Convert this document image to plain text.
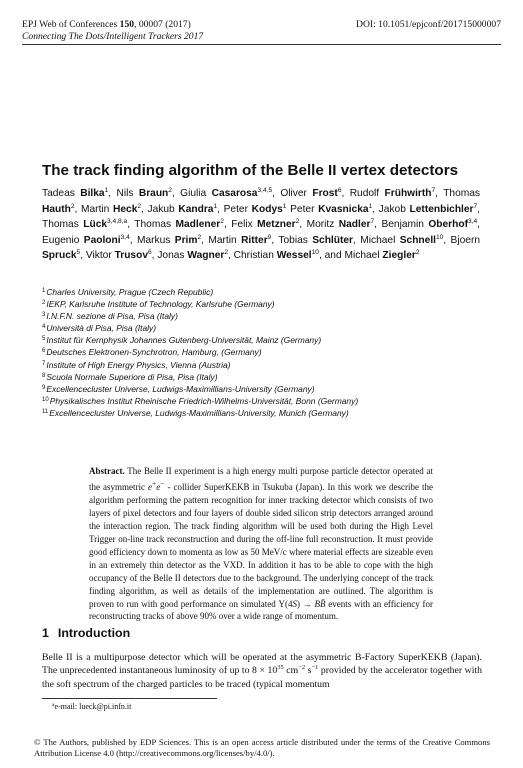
EPJ Web of Conferences 150, 00007 (2017)
Connecting The Dots/Intelligent Trackers 2017
DOI: 10.1051/epjconf/201715000007
The track finding algorithm of the Belle II vertex detectors
Tadeas Bilka$^1$, Nils Braun$^2$, Giulia Casarosa$^{3,4,5}$, Oliver Frost$^6$, Rudolf Frühwirth$^7$, Thomas Hauth$^2$, Martin Heck$^2$, Jakub Kandra$^1$, Peter Kodys$^1$ Peter Kvasnicka$^1$, Jakob Lettenbichler$^7$, Thomas Lück$^{3,4,8,a}$, Thomas Madlener$^2$, Felix Metzner$^2$, Moritz Nadler$^7$, Benjamin Oberhof$^{3,4}$, Eugenio Paoloni$^{3,4}$, Markus Prim$^2$, Martin Ritter$^9$, Tobias Schlüter, Michael Schnell$^{10}$, Bjoern Spruck$^5$, Viktor Trusov$^6$, Jonas Wagner$^2$, Christian Wessel$^{10}$, and Michael Ziegler$^2$
$^1$Charles University, Prague (Czech Republic)
$^2$IEKP, Karlsruhe Institute of Technology, Karlsruhe (Germany)
$^3$I.N.F.N. sezione di Pisa, Pisa (Italy)
$^4$Università di Pisa, Pisa (Italy)
$^5$Institut für Kernphysik Johannes Gutenberg-Universität, Mainz (Germany)
$^6$Deutsches Elektronen-Synchrotron, Hamburg, (Germany)
$^7$Institute of High Energy Physics, Vienna (Austria)
$^8$Scuola Normale Superiore di Pisa, Pisa (Italy)
$^9$Excellencecluster Universe, Ludwigs-Maximillians-University (Germany)
$^{10}$Physikalisches Institut Rheinische Friedrich-Wilhelms-Universität, Bonn (Germany)
$^{11}$Excellencecluster Universe, Ludwigs-Maximillians-University, Munich (Germany)
Abstract. The Belle II experiment is a high energy multi purpose particle detector operated at the asymmetric e+e− - collider SuperKEKB in Tsukuba (Japan). In this work we describe the algorithm performing the pattern recognition for inner tracking detector which consists of two layers of pixel detectors and four layers of double sided silicon strip detectors arranged around the interaction region. The track finding algorithm will be used both during the High Level Trigger on-line track reconstruction and during the off-line full reconstruction. It must provide good efficiency down to momenta as low as 50 MeV/c where material effects are sizeable even in an extremely thin detector as the VXD. In addition it has to be able to cope with the high occupancy of the Belle II detectors due to the background. The underlying concept of the track finding algorithm, as well as details of the implementation are outlined. The algorithm is proven to run with good performance on simulated Υ(4S) → BB̄ events with an efficiency for reconstructing tracks of above 90% over a wide range of momentum.
1 Introduction
Belle II is a multipurpose detector which will be operated at the asymmetric B-Factory SuperKEKB (Japan). The unprecedented instantaneous luminosity of up to $8 \times 10^{35}$ $cm^{-2}$ $s^{-1}$ provided by the accelerator together with the soft spectrum of the charged particles to be traced (typical momentum
$^a$e-mail: lueck@pi.infn.it
© The Authors, published by EDP Sciences. This is an open access article distributed under the terms of the Creative Commons Attribution License 4.0 (http://creativecommons.org/licenses/by/4.0/).
